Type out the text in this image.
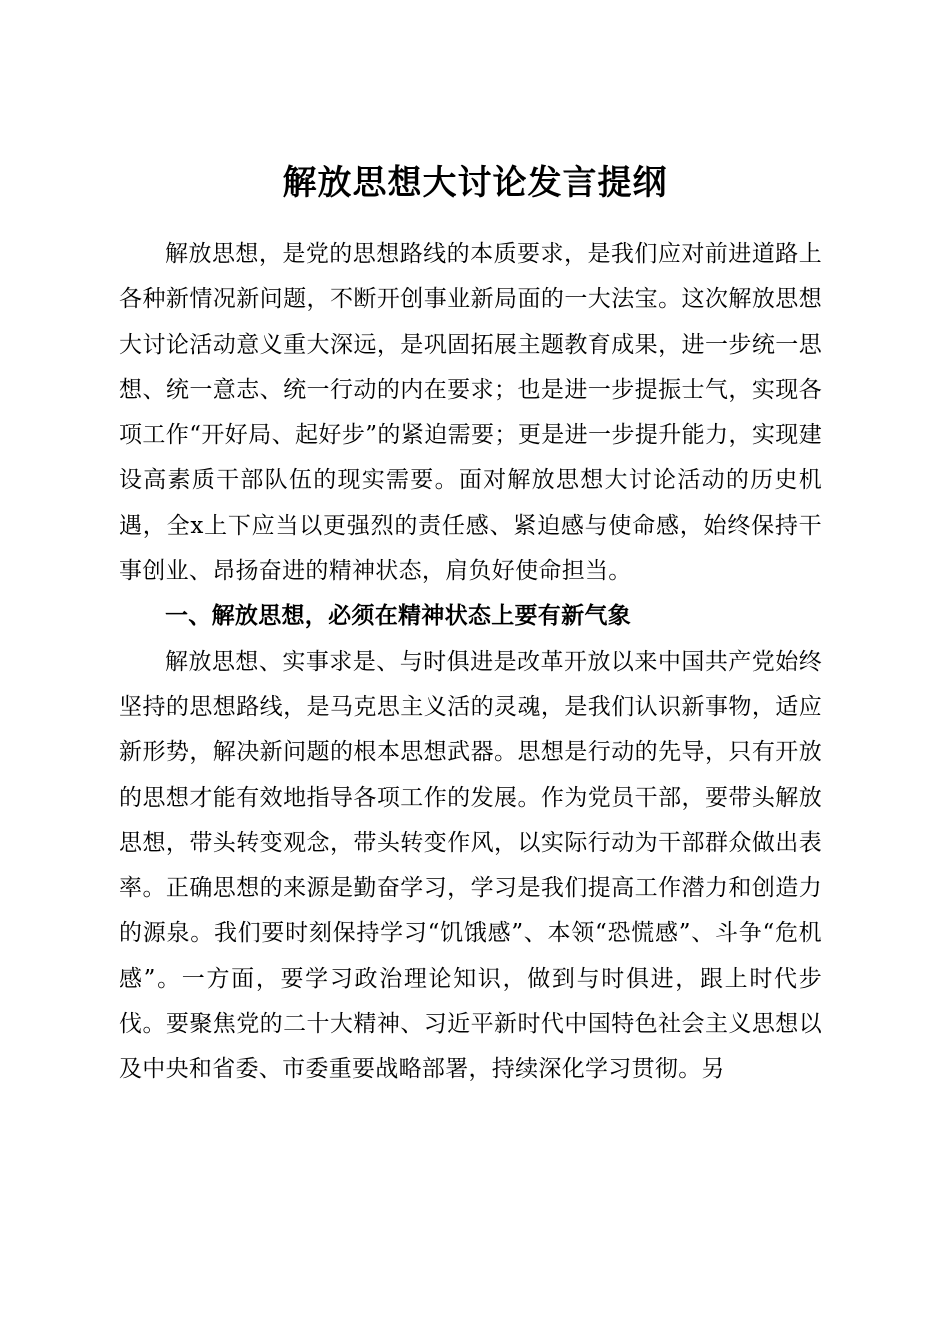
解放思想大讨论发言提纲

解放思想，是党的思想路线的本质要求，是我们应对前进道路上各种新情况新问题，不断开创事业新局面的一大法宝。这次解放思想大讨论活动意义重大深远，是巩固拓展主题教育成果，进一步统一思想、统一意志、统一行动的内在要求；也是进一步提振士气，实现各项工作“开好局、起好步”的紧迫需要；更是进一步提升能力，实现建设高素质干部队伍的现实需要。面对解放思想大讨论活动的历史机遇，全x上下应当以更强烈的责任感、紧迫感与使命感，始终保持干事创业、昂扬奋进的精神状态，肩负好使命担当。

一、解放思想，必须在精神状态上要有新气象

解放思想、实事求是、与时俱进是改革开放以来中国共产党始终坚持的思想路线，是马克思主义活的灵魂，是我们认识新事物，适应新形势，解决新问题的根本思想武器。思想是行动的先导，只有开放的思想才能有效地指导各项工作的发展。作为党员干部，要带头解放思想，带头转变观念，带头转变作风，以实际行动为干部群众做出表率。正确思想的来源是勤奋学习，学习是我们提高工作潜力和创造力的源泉。我们要时刻保持学习“饥饿感”、本领“恐慌感”、斗争“危机感”。一方面，要学习政治理论知识，做到与时俱进，跟上时代步伐。要聚焦党的二十大精神、习近平新时代中国特色社会主义思想以及中央和省委、市委重要战略部署，持续深化学习贯彻。另
